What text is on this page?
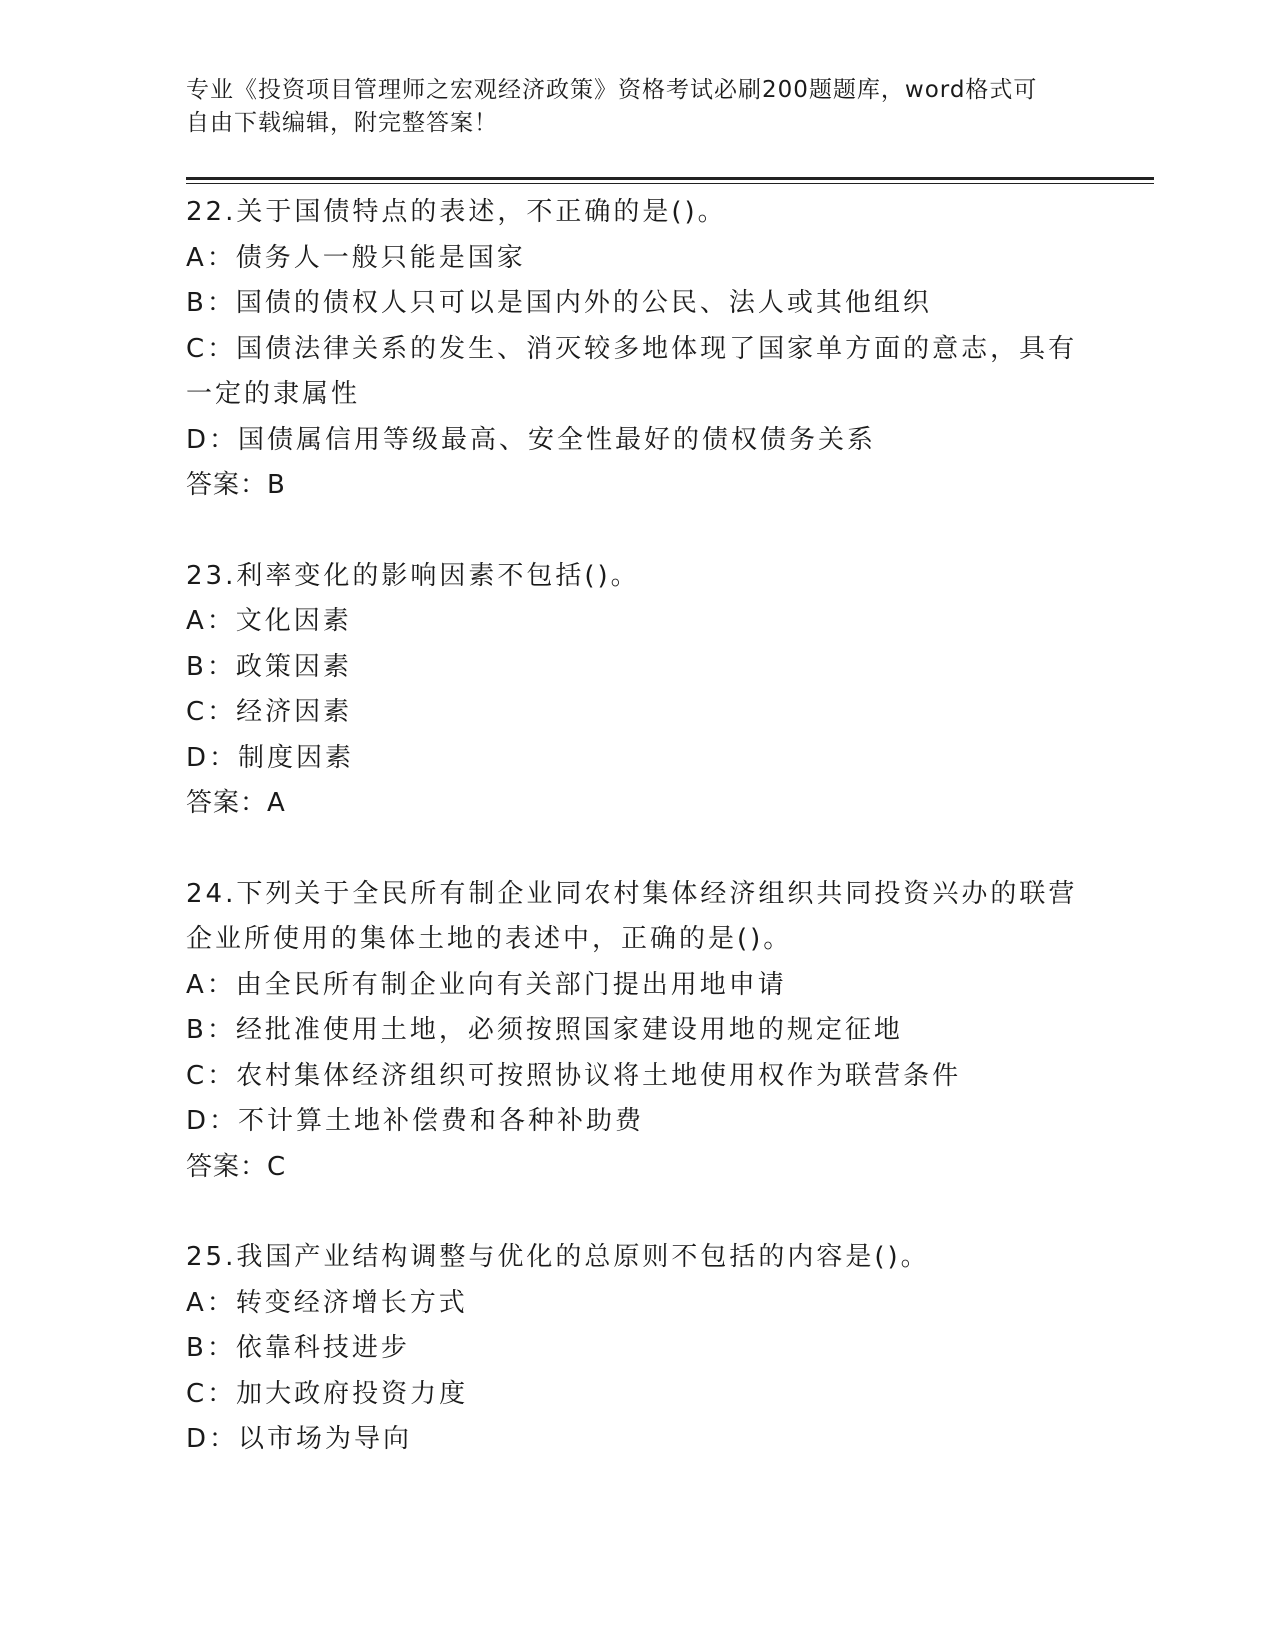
专业《投资项目管理师之宏观经济政策》资格考试必刷200题题库，word格式可
自由下载编辑，附完整答案！
22.关于国债特点的表述，不正确的是()。
A：债务人一般只能是国家
B：国债的债权人只可以是国内外的公民、法人或其他组织
C：国债法律关系的发生、消灭较多地体现了国家单方面的意志，具有
一定的隶属性
D：国债属信用等级最高、安全性最好的债权债务关系
答案：B
23.利率变化的影响因素不包括()。
A：文化因素
B：政策因素
C：经济因素
D：制度因素
答案：A
24.下列关于全民所有制企业同农村集体经济组织共同投资兴办的联营
企业所使用的集体土地的表述中，正确的是()。
A：由全民所有制企业向有关部门提出用地申请
B：经批准使用土地，必须按照国家建设用地的规定征地
C：农村集体经济组织可按照协议将土地使用权作为联营条件
D：不计算土地补偿费和各种补助费
答案：C
25.我国产业结构调整与优化的总原则不包括的内容是()。
A：转变经济增长方式
B：依靠科技进步
C：加大政府投资力度
D：以市场为导向
